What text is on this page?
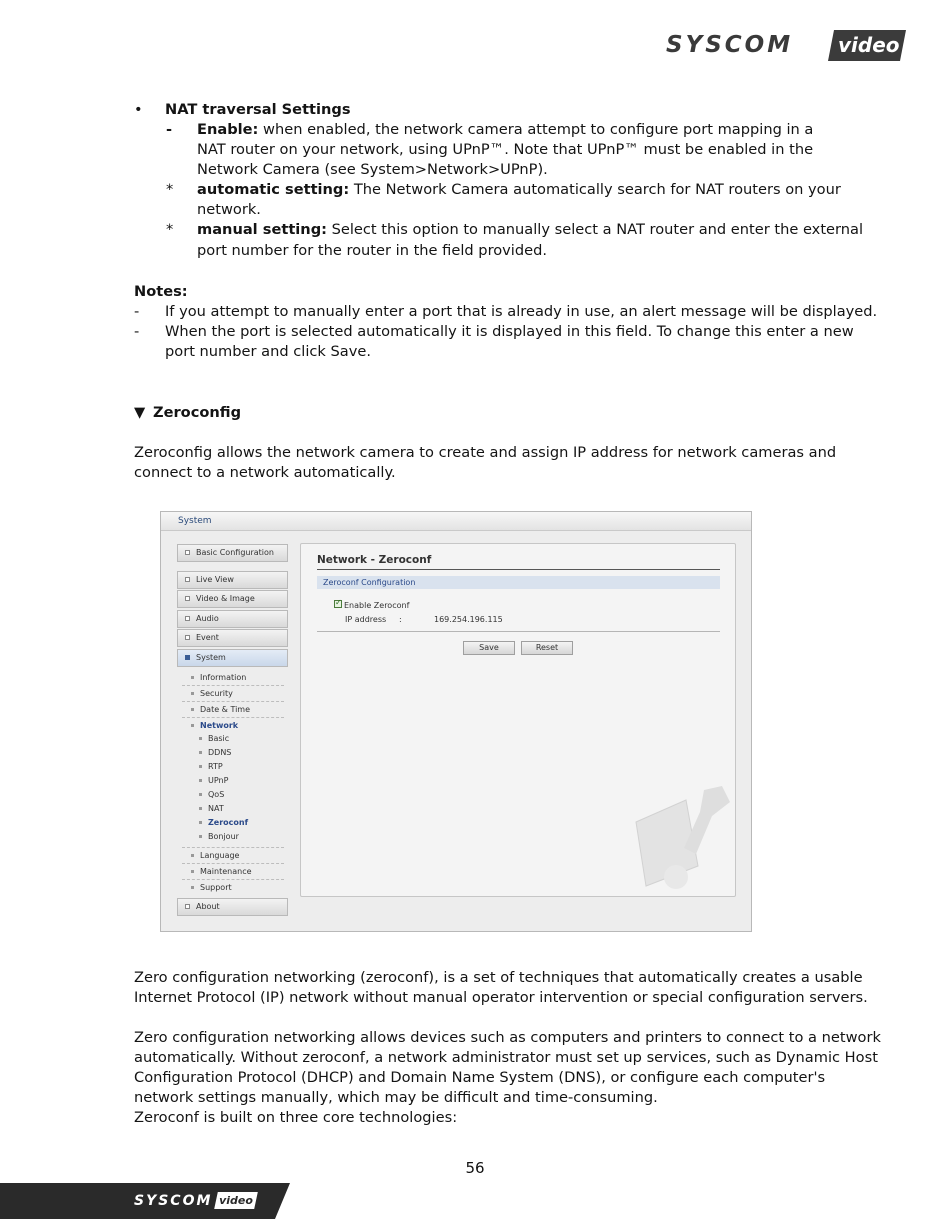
SYSCOM	video
• NAT traversal Settings
- Enable: when enabled, the network camera attempt to configure port mapping in a
NAT router on your network, using UPnP™. Note that UPnP™ must be enabled in the
Network Camera (see System>Network>UPnP).
* automatic setting: The Network Camera automatically search for NAT routers on your
network.
* manual setting: Select this option to manually select a NAT router and enter the external
port number for the router in the field provided.
Notes:
- If you attempt to manually enter a port that is already in use, an alert message will be displayed.
- When the port is selected automatically it is displayed in this field. To change this enter a new
port number and click Save.
▼ Zeroconfig
Zeroconfig allows the network camera to create and assign IP address for network cameras and
connect to a network automatically.
System
Basic Configuration
Live View
Video & Image
Audio
Event
System
Information
Security
Date & Time
Network
Basic
DDNS
RTP
UPnP
QoS
NAT
Zeroconf
Bonjour
Language
Maintenance
Support
About
Network - Zeroconf
Zeroconf Configuration
✓ Enable Zeroconf
IP address :	169.254.196.115
Save	Reset
Zero configuration networking (zeroconf), is a set of techniques that automatically creates a usable
Internet Protocol (IP) network without manual operator intervention or special configuration servers.
Zero configuration networking allows devices such as computers and printers to connect to a network
automatically. Without zeroconf, a network administrator must set up services, such as Dynamic Host
Configuration Protocol (DHCP) and Domain Name System (DNS), or configure each computer's
network settings manually, which may be difficult and time-consuming.
Zeroconf is built on three core technologies:
56
SYSCOM video
